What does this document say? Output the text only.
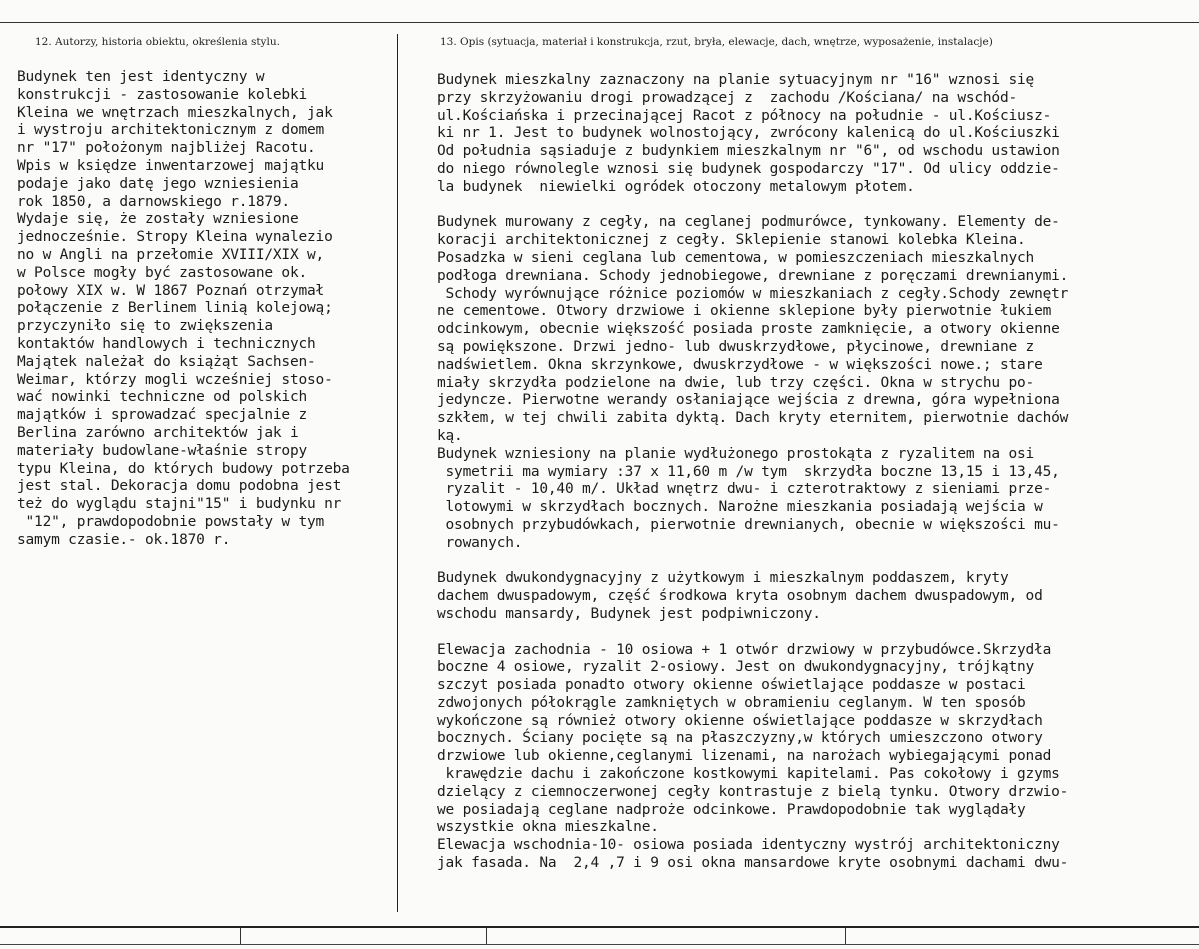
12. Autorzy, historia obiektu, określenia stylu.	13. Opis (sytuacja, materiał i konstrukcja, rzut, bryła, elewacje, dach, wnętrze, wyposażenie, instalacje)
Budynek ten jest identyczny w
konstrukcji - zastosowanie kolebki
Kleina we wnętrzach mieszkalnych, jak
i wystroju architektonicznym z domem
nr "17" położonym najbliżej Racotu.
Wpis w księdze inwentarzowej majątku
podaje jako datę jego wzniesienia
rok 1850, a darnowskiego r.1879.
Wydaje się, że zostały wzniesione
jednocześnie. Stropy Kleina wynalezio
no w Angli na przełomie XVIII/XIX w,
w Polsce mogły być zastosowane ok.
połowy XIX w. W 1867 Poznań otrzymał
połączenie z Berlinem linią kolejową;
przyczyniło się to zwiększenia
kontaktów handlowych i technicznych
Majątek należał do książąt Sachsen-
Weimar, którzy mogli wcześniej stoso-
wać nowinki techniczne od polskich
majątków i sprowadzać specjalnie z
Berlina zarówno architektów jak i
materiały budowlane-właśnie stropy
typu Kleina, do których budowy potrzeba
jest stal. Dekoracja domu podobna jest
też do wyglądu stajni"15" i budynku nr
"12", prawdopodobnie powstały w tym
samym czasie.- ok.1870 r.
Budynek mieszkalny zaznaczony na planie sytuacyjnym nr "16" wznosi się
przy skrzyżowaniu drogi prowadzącej z  zachodu /Kościana/ na wschód-
ul.Kościańska i przecinającej Racot z północy na południe - ul.Kościusz-
ki nr 1. Jest to budynek wolnostojący, zwrócony kalenicą do ul.Kościuszki
Od południa sąsiaduje z budynkiem mieszkalnym nr "6", od wschodu ustawion
do niego równolegle wznosi się budynek gospodarczy "17". Od ulicy oddzie-
la budynek  niewielki ogródek otoczony metalowym płotem.
Budynek murowany z cegły, na ceglanej podmurówce, tynkowany. Elementy de-
koracji architektonicznej z cegły. Sklepienie stanowi kolebka Kleina.
Posadzka w sieni ceglana lub cementowa, w pomieszczeniach mieszkalnych
podłoga drewniana. Schody jednobiegowe, drewniane z poręczami drewnianymi.
Schody wyrównujące różnice poziomów w mieszkaniach z cegły.Schody zewnętr
ne cementowe. Otwory drzwiowe i okienne sklepione były pierwotnie łukiem
odcinkowym, obecnie większość posiada proste zamknięcie, a otwory okienne
są powiększone. Drzwi jedno- lub dwuskrzydłowe, płycinowe, drewniane z
nadświetlem. Okna skrzynkowe, dwuskrzydłowe - w większości nowe.; stare
miały skrzydła podzielone na dwie, lub trzy części. Okna w strychu po-
jedyncze. Pierwotne werandy osłaniające wejścia z drewna, góra wypełniona
szkłem, w tej chwili zabita dyktą. Dach kryty eternitem, pierwotnie dachów
ką.
Budynek wzniesiony na planie wydłużonego prostokąta z ryzalitem na osi
symetrii ma wymiary :37 x 11,60 m /w tym  skrzydła boczne 13,15 i 13,45,
ryzalit - 10,40 m/. Układ wnętrz dwu- i czterotraktowy z sieniami prze-
lotowymi w skrzydłach bocznych. Narożne mieszkania posiadają wejścia w
osobnych przybudówkach, pierwotnie drewnianych, obecnie w większości mu-
rowanych.
Budynek dwukondygnacyjny z użytkowym i mieszkalnym poddaszem, kryty
dachem dwuspadowym, część środkowa kryta osobnym dachem dwuspadowym, od
wschodu mansardy, Budynek jest podpiwniczony.
Elewacja zachodnia - 10 osiowa + 1 otwór drzwiowy w przybudówce.Skrzydła
boczne 4 osiowe, ryzalit 2-osiowy. Jest on dwukondygnacyjny, trójkątny
szczyt posiada ponadto otwory okienne oświetlające poddasze w postaci
zdwojonych półokrągle zamkniętych w obramieniu ceglanym. W ten sposób
wykończone są również otwory okienne oświetlające poddasze w skrzydłach
bocznych. Ściany pocięte są na płaszczyzny,w których umieszczono otwory
drzwiowe lub okienne,ceglanymi lizenami, na narożach wybiegającymi ponad
krawędzie dachu i zakończone kostkowymi kapitelami. Pas cokołowy i gzyms
dzielący z ciemnoczerwonej cegły kontrastuje z bielą tynku. Otwory drzwio-
we posiadają ceglane nadproże odcinkowe. Prawdopodobnie tak wyglądały
wszystkie okna mieszkalne.
Elewacja wschodnia-10- osiowa posiada identyczny wystrój architektoniczny
jak fasada. Na  2,4 ,7 i 9 osi okna mansardowe kryte osobnymi dachami dwu-
